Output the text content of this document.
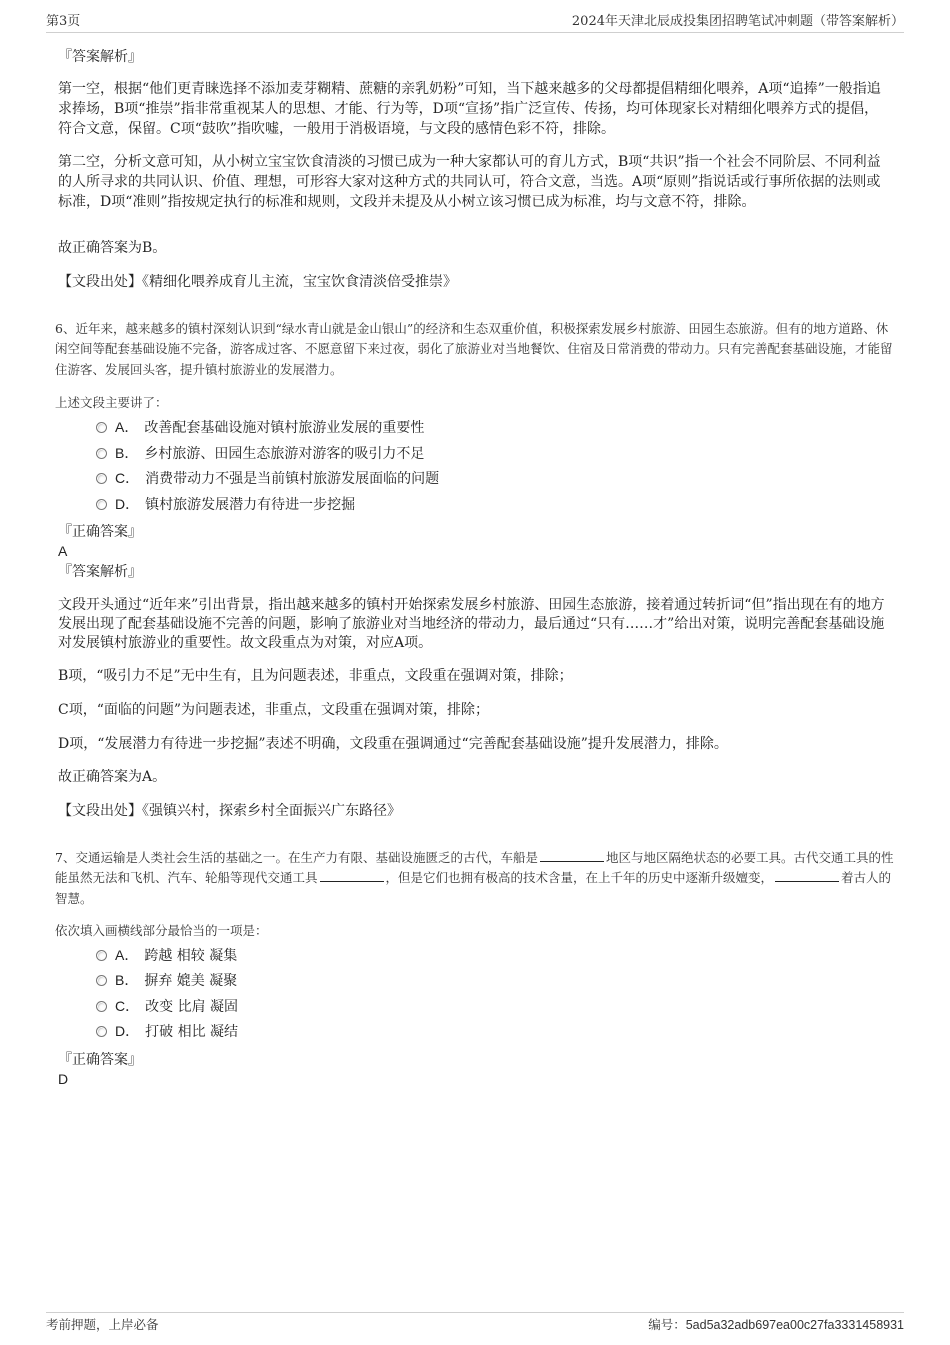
第3页	2024年天津北辰成投集团招聘笔试冲刺题（带答案解析）
『答案解析』

第一空，根据“他们更青睐选择不添加麦芽糊精、蔗糖的亲乳奶粉”可知，当下越来越多的父母都提倡精细化喂养，A项“追捧”一般指追求捧场，B项“推崇”指非常重视某人的思想、才能、行为等，D项“宣扬”指广泛宣传、传扬，均可体现家长对精细化喂养方式的提倡，符合文意，保留。C项“鼓吹”指吹嘘，一般用于消极语境，与文段的感情色彩不符，排除。

第二空，分析文意可知，从小树立宝宝饮食清淡的习惯已成为一种大家都认可的育儿方式，B项“共识”指一个社会不同阶层、不同利益的人所寻求的共同认识、价值、理想，可形容大家对这种方式的共同认可，符合文意，当选。A项“原则”指说话或行事所依据的法则或标准，D项“准则”指按规定执行的标准和规则，文段并未提及从小树立该习惯已成为标准，均与文意不符，排除。

故正确答案为B。

【文段出处】《精细化喂养成育儿主流，宝宝饮食清淡倍受推崇》

6、近年来，越来越多的镇村深刻认识到“绿水青山就是金山银山”的经济和生态双重价值，积极探索发展乡村旅游、田园生态旅游。但有的地方道路、休闲空间等配套基础设施不完备，游客成过客、不愿意留下来过夜，弱化了旅游业对当地餐饮、住宿及日常消费的带动力。只有完善配套基础设施，才能留住游客、发展回头客，提升镇村旅游业的发展潜力。

上述文段主要讲了：

A． 改善配套基础设施对镇村旅游业发展的重要性
B． 乡村旅游、田园生态旅游对游客的吸引力不足
C． 消费带动力不强是当前镇村旅游发展面临的问题
D． 镇村旅游发展潜力有待进一步挖掘
『正确答案』
A
『答案解析』

文段开头通过“近年来”引出背景，指出越来越多的镇村开始探索发展乡村旅游、田园生态旅游，接着通过转折词“但”指出现在有的地方发展出现了配套基础设施不完善的问题，影响了旅游业对当地经济的带动力，最后通过“只有……才”给出对策，说明完善配套基础设施对发展镇村旅游业的重要性。故文段重点为对策，对应A项。

B项，“吸引力不足”无中生有，且为问题表述，非重点，文段重在强调对策，排除；

C项，“面临的问题”为问题表述，非重点，文段重在强调对策，排除；

D项，“发展潜力有待进一步挖掘”表述不明确，文段重在强调通过“完善配套基础设施”提升发展潜力，排除。

故正确答案为A。

【文段出处】《强镇兴村，探索乡村全面振兴广东路径》

7、交通运输是人类社会生活的基础之一。在生产力有限、基础设施匮乏的古代，车船是	地区与地区隔绝状态的必要工具。古代交通工具的性能虽然无法和飞机、汽车、轮船等现代交通工具	，但是它们也拥有极高的技术含量，在上千年的历史中逐渐升级嬗变，	着古人的智慧。

依次填入画横线部分最恰当的一项是：

A． 跨越 相较 凝集
B． 摒弃 媲美 凝聚
C． 改变 比肩 凝固
D． 打破 相比 凝结
『正确答案』
D
考前押题，上岸必备	编号：5ad5a32adb697ea00c27fa3331458931
